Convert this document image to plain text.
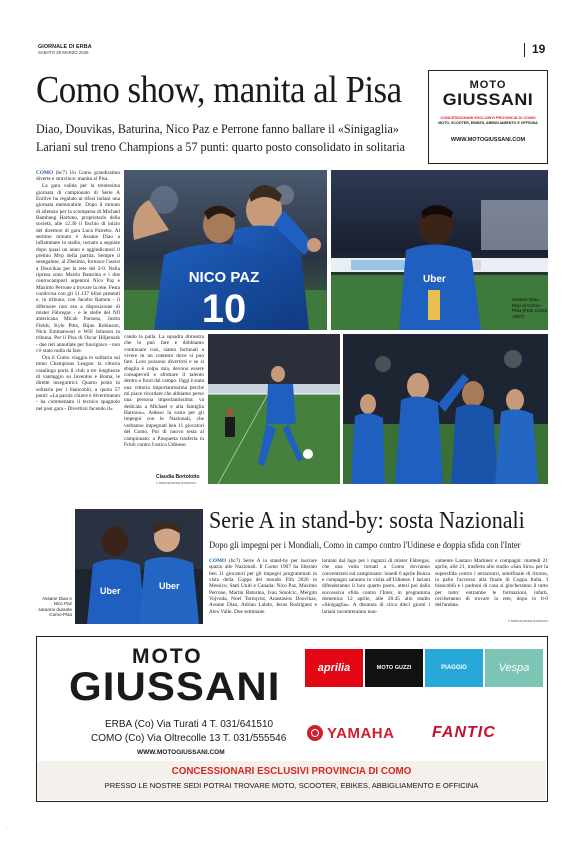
GIORNALE DI ERBA
SABATO 28 MARZO 2026	19
Como show, manita al Pisa
Diao, Douvikas, Baturina, Nico Paz e Perrone fanno ballare il «Sinigaglia»
Lariani sul treno Champions a 57 punti: quarto posto consolidato in solitaria
MOTO
GIUSSANI
CONCESSIONARI ESCLUSIVI PROVINCIA DI COMO
MOTO, SCOOTER, EBIKES, ABBIGLIAMENTO E OFFICINA
WWW.MOTOGIUSSANI.COM

COMO (bc7) Un Como grandissimo diverte e stravince: manita al Pisa.

La gara valida per la trentesima giornata di campionato di Serie A Enilive ha regalato ai tifosi lariani una giornata memorabile. Dopo il minuto di silenzio per la scomparsa di Michael Bambang Hartono, proprietario della società, alle 12.30 il fischio di inizio del direttore di gara Luca Pairetto. Al settimo minuto è Assane Diao a infiammare lo stadio, tornato a segnare dopo quasi un anno e aggiudicatosi il premio Mvp della partita. Sempre il senegalese, al 29esimo, fornisce l'assist a Douvikas per la rete del 2-0. Nella ripresa sono Martin Baturina e i due centrocampisti argentini Nico Paz e Maximo Perrone a trovare la rete. Festa condivisa con gli 11.137 tifosi presenti e, in tribuna, con Jacobo Ramon - il difensore non era a disposizione di mister Fàbregas - e le stelle del Nfl americana Micah Parsons, Justin Fields, Kyle Pitts, Bijan Robinson, Nick Emmanwori e Will Johnson in tribuna. Per il Pisa di Oscar Hiljemark - due reti annullate per fuorigioco - non c'è stato nulla da fare.

Ora il Como viaggia in solitaria sul treno Champions League: la vittoria casalinga porta il club a tre lunghezze di vantaggio su Juventus e Roma, le dirette inseguitrici. Quarto posto in solitaria per i biancoblù, a quota 57 punti: «La parola chiave è divertimento - ha commentato il tecnico spagnolo nel post gara - Divertirsi facendo il»

NICO PAZ
10
Uber
Assane Diao, Mvp di Como-Pisa (Foto Como 1907)

cando la palla. La squadra dimostra che lo può fare e dobbiamo continuare così, siamo fortunati a vivere in un contesto dove si può fare. Loro possono divertirsi e se si sbaglia è colpa mia, devono essere consapevoli e sfruttare il talento dentro e fuori dal campo. Oggi è stata una vittoria importantissima perché mi piace ricordare che abbiamo perso una persona importantissima: va dedicata a Michael e alla famiglia Hartono». Adesso la sosta per gli impegni con le Nazionali, che vedranno impegnati ben 11 giocatori del Como. Poi di nuovo testa al campionato: a Pasquetta trasferta in Friuli contro l'ostica Udinese.

Claudia Bortolotto
© RIPRODUZIONE RISERVATA
Serie A in stand-by: sosta Nazionali
Dopo gli impegni per i Mondiali, Como in campo contro l'Udinese e doppia sfida con l'Inter
Uber	Uber
Assane Diao e Nico Paz saranno durante Como-Pisa

COMO (bc7) Serie A in stand-by per lasciare spazio alle Nazionali. Il Como 1907 ha liberato ben 11 giocatori per gli impegni programmati in vista della Coppa del mondo Fifa 2026 in Messico, Stati Uniti e Canada: Nico Paz, Maximo Perrone, Martin Baturina, Ivan Smolcic, Mergim Vojvoda, Noel Tornqvist, Anastasios Douvikas, Assane Diao, Adrian Lahdo, Jesus Rodriguez e Alex Valle. Due settimane

lontani dal lago per i ragazzi di mister Fàbregas, che una volta tornati a Como dovranno concentrarsi sul campionato: lunedì 6 aprile Bunza e compagni saranno in visita all'Udinese. I lariani difenderanno il loro quarto posto, attesi poi dalla successiva sfida contro l'Inter, in programma domenica 12 aprile, alle 20.45 allo stadio «Sinigaglia». A distanza di circa dieci giorni i lariani incontreranno nuo-

vamente Lautaro Martinez e compagni: martedì 21 aprile, alle 21, trasferta allo stadio «San Siro» per la supersfida contro i nerazzurri, semifinale di ritorno, in palio l'accesso alla finale di Coppa Italia. I biancoblù e i padroni di casa si giocheranno il tutto per tutto: entrambe le formazioni, infatti, cercheranno di trovare la rete, dopo lo 0-0 dell'andata.

© RIPRODUZIONE RISERVATA
MOTO
GIUSSANI
ERBA (Co) Via Turati 4 T. 031/641510
COMO (Co) Via Oltrecolle 13 T. 031/555546
WWW.MOTOGIUSSANI.COM
aprilia	MOTO GUZZI	PIAGGIO	Vespa
YAMAHA FANTIC
CONCESSIONARI ESCLUSIVI PROVINCIA DI COMO
PRESSO LE NOSTRE SEDI POTRAI TROVARE MOTO, SCOOTER, EBIKES, ABBIGLIAMENTO E OFFICINA
·
